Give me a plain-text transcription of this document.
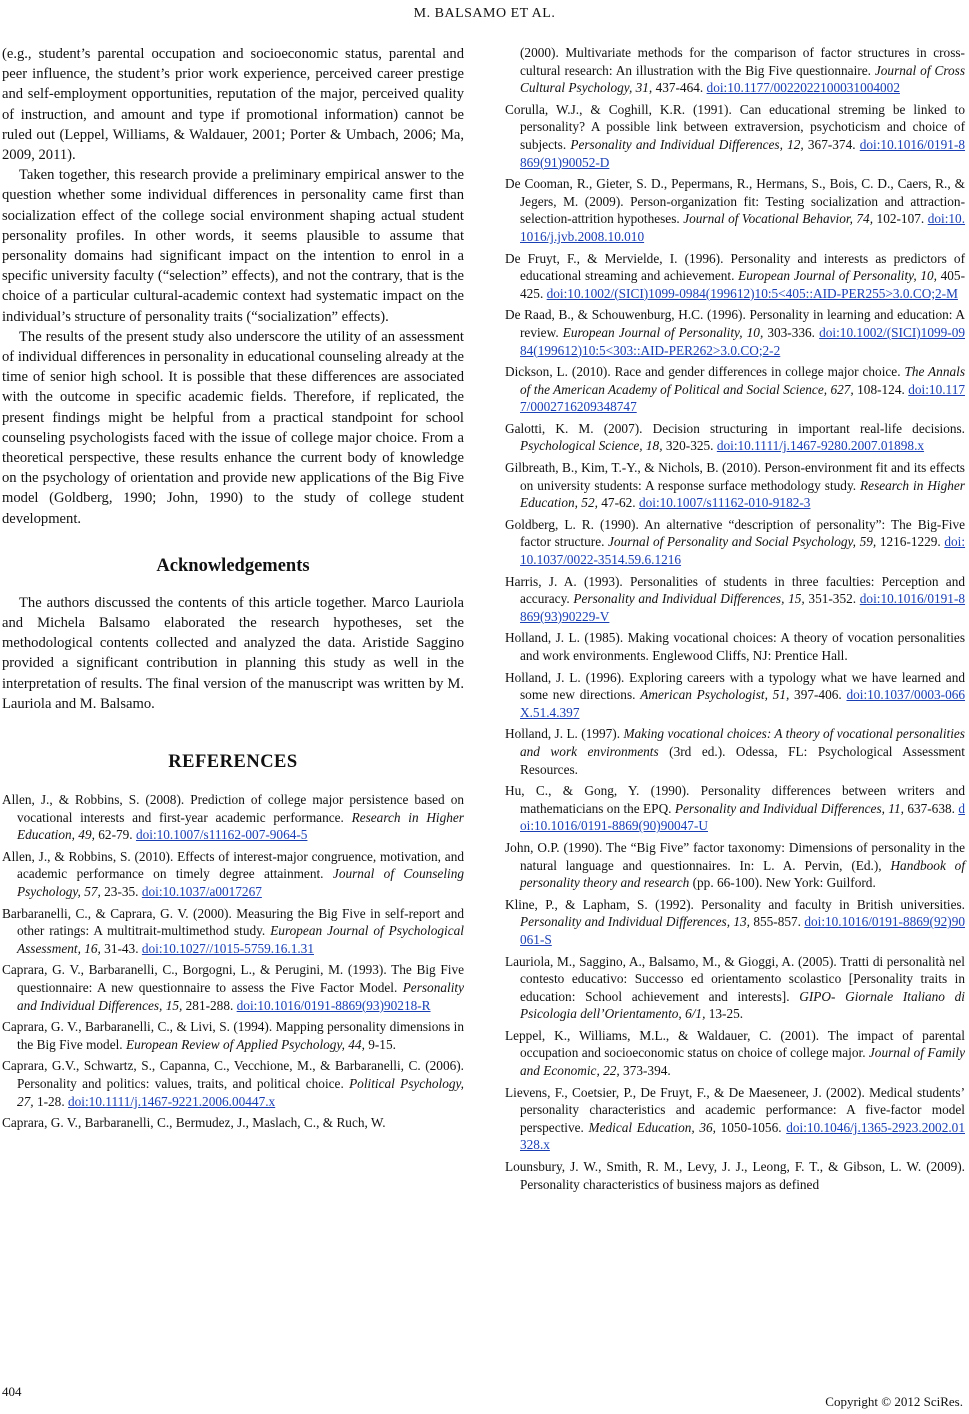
M. BALSAMO ET AL.

(e.g., student’s parental occupation and socioeconomic status, parental and peer influence, the student’s prior work experience, perceived career prestige and self-employment opportunities, reputation of the major, perceived quality of instruction, and amount and type if promotional information) cannot be ruled out (Leppel, Williams, & Waldauer, 2001; Porter & Umbach, 2006; Ma, 2009, 2011).

Taken together, this research provide a preliminary empirical answer to the question whether some individual differences in personality came first than socialization effect of the college social environment shaping actual student personality profiles. In other words, it seems plausible to assume that personality domains had significant impact on the intention to enrol in a specific university faculty (“selection” effects), and not the contrary, that is the choice of a particular cultural-academic context had systematic impact on the individual’s structure of personality traits (“socialization” effects).

The results of the present study also underscore the utility of an assessment of individual differences in personality in educational counseling already at the time of senior high school. It is possible that these differences are associated with the outcome in specific academic fields. Therefore, if replicated, the present findings might be helpful from a practical standpoint for school counseling psychologists faced with the issue of college major choice. From a theoretical perspective, these results enhance the current body of knowledge on the psychology of orientation and provide new applications of the Big Five model (Goldberg, 1990; John, 1990) to the study of college student development.

Acknowledgements

The authors discussed the contents of this article together. Marco Lauriola and Michela Balsamo elaborated the research hypotheses, set the methodological contents collected and analyzed the data. Aristide Saggino provided a significant contribution in planning this study as well in the interpretation of results. The final version of the manuscript was written by M. Lauriola and M. Balsamo.

REFERENCES
Allen, J., & Robbins, S. (2008). Prediction of college major persistence based on vocational interests and first-year academic performance. Research in Higher Education, 49, 62-79. doi:10.1007/s11162-007-9064-5
Allen, J., & Robbins, S. (2010). Effects of interest-major congruence, motivation, and academic performance on timely degree attainment. Journal of Counseling Psychology, 57, 23-35. doi:10.1037/a0017267
Barbaranelli, C., & Caprara, G. V. (2000). Measuring the Big Five in self-report and other ratings: A multitrait-multimethod study. European Journal of Psychological Assessment, 16, 31-43. doi:10.1027//1015-5759.16.1.31
Caprara, G. V., Barbaranelli, C., Borgogni, L., & Perugini, M. (1993). The Big Five questionnaire: A new questionnaire to assess the Five Factor Model. Personality and Individual Differences, 15, 281-288. doi:10.1016/0191-8869(93)90218-R
Caprara, G. V., Barbaranelli, C., & Livi, S. (1994). Mapping personality dimensions in the Big Five model. European Review of Applied Psychology, 44, 9-15.
Caprara, G.V., Schwartz, S., Capanna, C., Vecchione, M., & Barbaranelli, C. (2006). Personality and politics: values, traits, and political choice. Political Psychology, 27, 1-28. doi:10.1111/j.1467-9221.2006.00447.x
Caprara, G. V., Barbaranelli, C., Bermudez, J., Maslach, C., & Ruch, W.
(2000). Multivariate methods for the comparison of factor structures in cross-cultural research: An illustration with the Big Five questionnaire. Journal of Cross Cultural Psychology, 31, 437-464. doi:10.1177/0022022100031004002
Corulla, W.J., & Coghill, K.R. (1991). Can educational streming be linked to personality? A possible link between extraversion, psychoticism and choice of subjects. Personality and Individual Differences, 12, 367-374. doi:10.1016/0191-8869(91)90052-D
De Cooman, R., Gieter, S. D., Pepermans, R., Hermans, S., Bois, C. D., Caers, R., & Jegers, M. (2009). Person-organization fit: Testing socialization and attraction-selection-attrition hypotheses. Journal of Vocational Behavior, 74, 102-107. doi:10.1016/j.jvb.2008.10.010
De Fruyt, F., & Mervielde, I. (1996). Personality and interests as predictors of educational streaming and achievement. European Journal of Personality, 10, 405-425. doi:10.1002/(SICI)1099-0984(199612)10:5<405::AID-PER255>3.0.CO;2-M
De Raad, B., & Schouwenburg, H.C. (1996). Personality in learning and education: A review. European Journal of Personality, 10, 303-336. doi:10.1002/(SICI)1099-0984(199612)10:5<303::AID-PER262>3.0.CO;2-2
Dickson, L. (2010). Race and gender differences in college major choice. The Annals of the American Academy of Political and Social Science, 627, 108-124. doi:10.1177/0002716209348747
Galotti, K. M. (2007). Decision structuring in important real-life decisions. Psychological Science, 18, 320-325. doi:10.1111/j.1467-9280.2007.01898.x
Gilbreath, B., Kim, T.-Y., & Nichols, B. (2010). Person-environment fit and its effects on university students: A response surface methodology study. Research in Higher Education, 52, 47-62. doi:10.1007/s11162-010-9182-3
Goldberg, L. R. (1990). An alternative “description of personality”: The Big-Five factor structure. Journal of Personality and Social Psychology, 59, 1216-1229. doi:10.1037/0022-3514.59.6.1216
Harris, J. A. (1993). Personalities of students in three faculties: Perception and accuracy. Personality and Individual Differences, 15, 351-352. doi:10.1016/0191-8869(93)90229-V
Holland, J. L. (1985). Making vocational choices: A theory of vocation personalities and work environments. Englewood Cliffs, NJ: Prentice Hall.
Holland, J. L. (1996). Exploring careers with a typology what we have learned and some new directions. American Psychologist, 51, 397-406. doi:10.1037/0003-066X.51.4.397
Holland, J. L. (1997). Making vocational choices: A theory of vocational personalities and work environments (3rd ed.). Odessa, FL: Psychological Assessment Resources.
Hu, C., & Gong, Y. (1990). Personality differences between writers and mathematicians on the EPQ. Personality and Individual Differences, 11, 637-638. doi:10.1016/0191-8869(90)90047-U
John, O.P. (1990). The “Big Five” factor taxonomy: Dimensions of personality in the natural language and questionnaires. In: L. A. Pervin, (Ed.), Handbook of personality theory and research (pp. 66-100). New York: Guilford.
Kline, P., & Lapham, S. (1992). Personality and faculty in British universities. Personality and Individual Differences, 13, 855-857. doi:10.1016/0191-8869(92)90061-S
Lauriola, M., Saggino, A., Balsamo, M., & Gioggi, A. (2005). Tratti di personalità nel contesto educativo: Successo ed orientamento scolastico [Personality traits in education: School achievement and interests]. GIPO- Giornale Italiano di Psicologia dell’Orientamento, 6/1, 13-25.
Leppel, K., Williams, M.L., & Waldauer, C. (2001). The impact of parental occupation and socioeconomic status on choice of college major. Journal of Family and Economic, 22, 373-394.
Lievens, F., Coetsier, P., De Fruyt, F., & De Maeseneer, J. (2002). Medical students’ personality characteristics and academic performance: A five-factor model perspective. Medical Education, 36, 1050-1056. doi:10.1046/j.1365-2923.2002.01328.x
Lounsbury, J. W., Smith, R. M., Levy, J. J., Leong, F. T., & Gibson, L. W. (2009). Personality characteristics of business majors as defined
404
Copyright © 2012 SciRes.
